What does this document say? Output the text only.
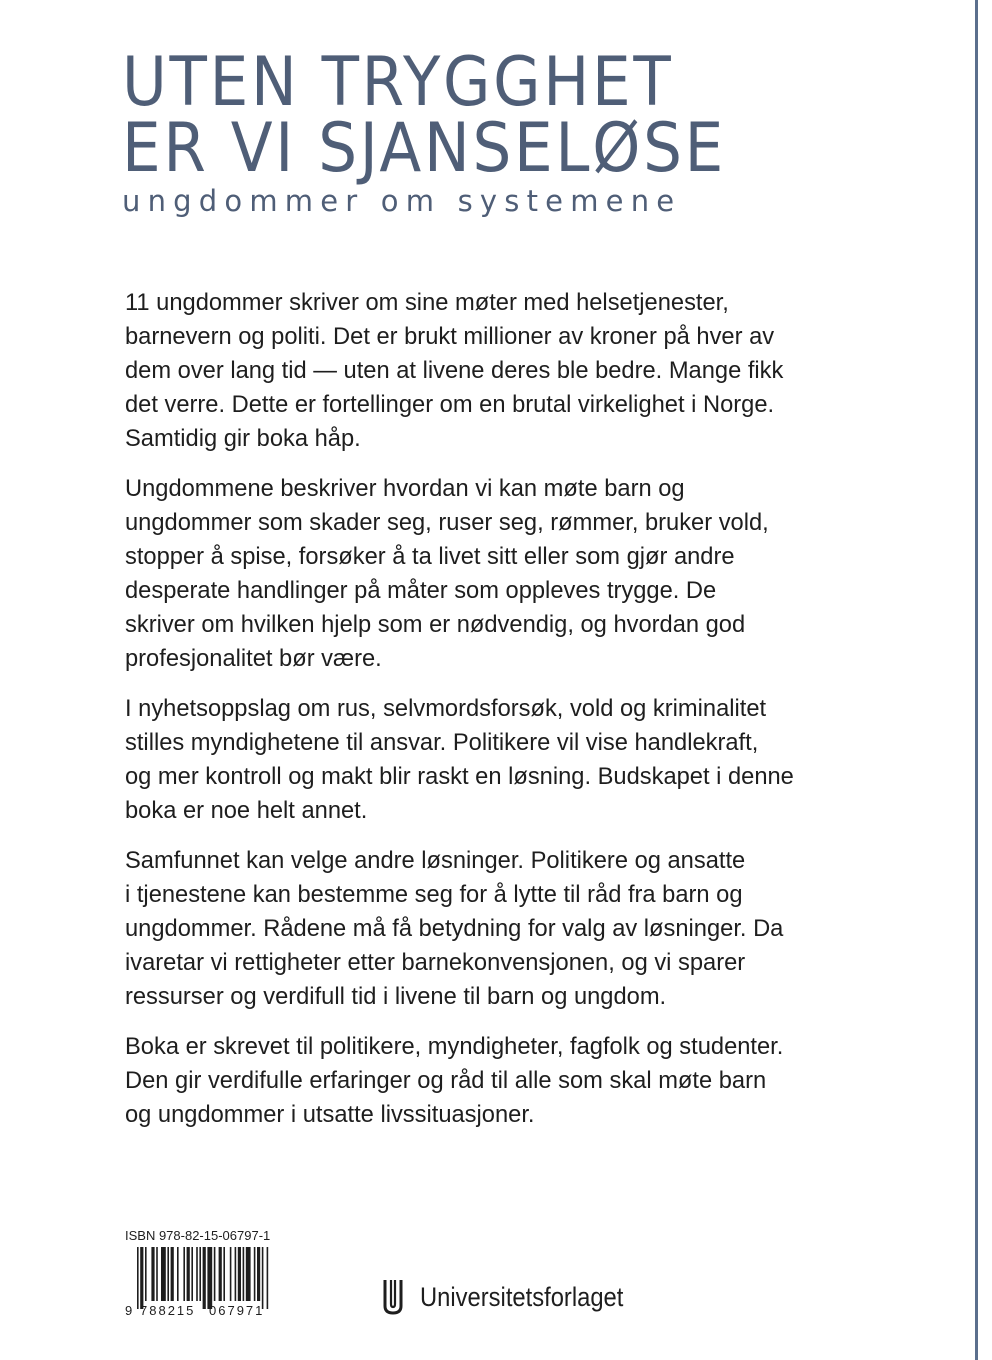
UTEN TRYGGHET
ER VI SJANSELØSE
ungdommer om systemene

11 ungdommer skriver om sine møter med helsetjenester,
barnevern og politi. Det er brukt millioner av kroner på hver av
dem over lang tid — uten at livene deres ble bedre. Mange fikk
det verre. Dette er fortellinger om en brutal virkelighet i Norge.
Samtidig gir boka håp.

Ungdommene beskriver hvordan vi kan møte barn og
ungdommer som skader seg, ruser seg, rømmer, bruker vold,
stopper å spise, forsøker å ta livet sitt eller som gjør andre
desperate handlinger på måter som oppleves trygge. De
skriver om hvilken hjelp som er nødvendig, og hvordan god
profesjonalitet bør være.

I nyhetsoppslag om rus, selvmordsforsøk, vold og kriminalitet
stilles myndighetene til ansvar. Politikere vil vise handlekraft,
og mer kontroll og makt blir raskt en løsning. Budskapet i denne
boka er noe helt annet.

Samfunnet kan velge andre løsninger. Politikere og ansatte
i tjenestene kan bestemme seg for å lytte til råd fra barn og
ungdommer. Rådene må få betydning for valg av løsninger. Da
ivaretar vi rettigheter etter barnekonvensjonen, og vi sparer
ressurser og verdifull tid i livene til barn og ungdom.

Boka er skrevet til politikere, myndigheter, fagfolk og studenter.
Den gir verdifulle erfaringer og råd til alle som skal møte barn
og ungdommer i utsatte livssituasjoner.

ISBN 978-82-15-06797-1
9 788215 067971	Universitetsforlaget
